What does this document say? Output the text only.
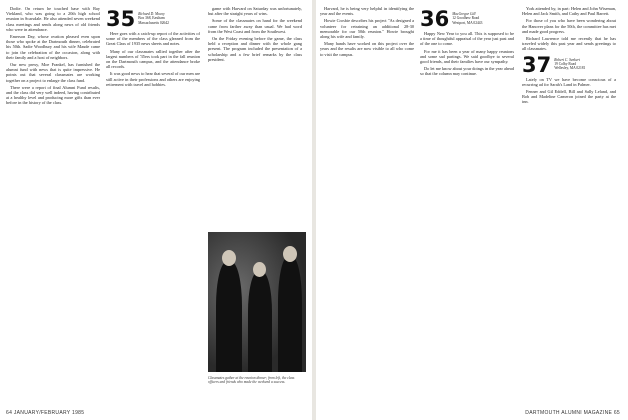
Dodie. On return he touched base with Ray Viekland, who was going to a 20th high school reunion in Scarsdale. He also attended seven weekend class meetings and sends along news of old friends who were in attendance.

Emerson Day, whose ovation pleased even upon those who spoke at the Dartmouth dinner, celebrated his 50th. Sadie Woodbury and his wife Maude came to join the celebration of the occasion, along with their family and a host of neighbors.

Our new prexy, Moe Frankel, has furnished the alumni fund with news that is quite impressive. He points out that several classmates are working together on a project to enlarge the class fund.

There were a report of final Alumni Fund results, and the class did very well indeed, having contributed at a healthy level and producing more gifts than ever before in the history of the class.

35 Richard D. Mocoy
Box 368, Eastham
Massachusetts 02642

Here goes with a catch-up report of the activities of some of the members of the class gleaned from the Great Class of 1935 news sheets and notes.

Many of our classmates rallied together after the largest numbers of '35ers took part in the fall reunion on the Dartmouth campus, and the attendance broke all records.

It was good news to hear that several of our men are still active in their professions and others are enjoying retirement with travel and hobbies.

game with Harvard on Saturday was unfortunately, but after the straight years of wins.

Some of the classmates on hand for the weekend came from farther away than usual. We had word from the West Coast and from the Southwest.

On the Friday evening before the game, the class held a reception and dinner with the whole gang present. The program included the presentation of a scholarship and a few brief remarks by the class president.

Classmates gather at the reunion dinner; from left, the class officers and friends who made the weekend a success.
64 JANUARY/FEBRUARY 1985

Harvard, he is being very helpful in identifying the year and the events.

Howie Crosbie describes his project "As designed a volunteer for retraining an additional 28-30 memorable for our 50th reunion." Howie brought along his wife and family.

Many hands have worked on this project over the years and the results are now visible to all who come to visit the campus.

36 MacGregor Gill
12 Goodhew Road
Westport, MA 02443

Happy New Year to you all. This is supposed to be a time of thoughtful appraisal of the year just past and of the one to come.

For me it has been a year of many happy reunions and some sad partings. We said goodbye to several good friends, and their families have our sympathy.

Do let me know about your doings in the year ahead so that the column may continue.

York attended by, in part: Helen and John Wiseman, Helen and Jack Smith, and Cathy and Paul Barrett.

For those of you who have been wondering about the Hanover plans for the 50th, the committee has met and made good progress.

Richard Lawrence told me recently that he has traveled widely this past year and sends greetings to all classmates.

37 Robert C. Senkert
19 Colby Road
Wellesley, MA 02181

Lately on TV we have become conscious of a recurring ad for Sarah's Land in Palmer.

Fenner and Gil Eddell, Bill and Sally Leland, and Bob and Madeline Cameron joined the party at the inn.

DARTMOUTH ALUMNI MAGAZINE 65
